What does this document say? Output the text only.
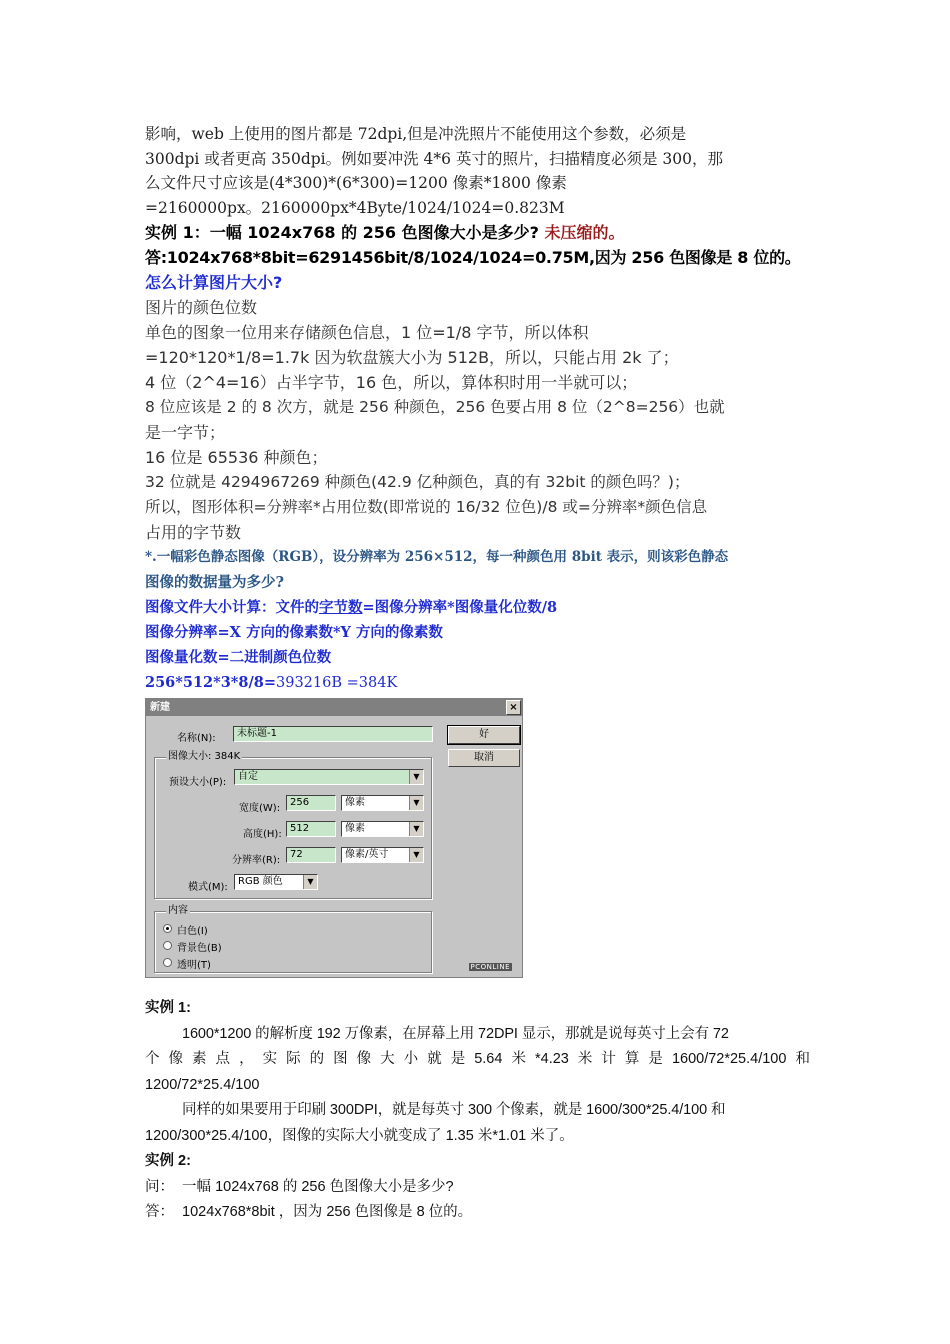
影响，web 上使用的图片都是 72dpi,但是冲洗照片不能使用这个参数，必须是

300dpi 或者更高 350dpi。例如要冲洗 4*6 英寸的照片，扫描精度必须是 300，那

么文件尺寸应该是(4*300)*(6*300)=1200 像素*1800 像素

=2160000px。2160000px*4Byte/1024/1024=0.823M

实例 1：一幅 1024x768 的 256 色图像大小是多少? 未压缩的。

答:1024x768*8bit=6291456bit/8/1024/1024=0.75M,因为 256 色图像是 8 位的。

怎么计算图片大小?

图片的颜色位数

单色的图象一位用来存储颜色信息，1 位=1/8 字节，所以体积

=120*120*1/8=1.7k 因为软盘簇大小为 512B，所以，只能占用 2k 了；

4 位（2^4=16）占半字节，16 色，所以，算体积时用一半就可以；

8 位应该是 2 的 8 次方，就是 256 种颜色，256 色要占用 8 位（2^8=256）也就

是一字节；

16 位是 65536 种颜色；

32 位就是 4294967269 种颜色(42.9 亿种颜色，真的有 32bit 的颜色吗？)；

所以，图形体积=分辨率*占用位数(即常说的 16/32 位色)/8 或=分辨率*颜色信息

占用的字节数

*.一幅彩色静态图像（RGB），设分辨率为 256×512，每一种颜色用 8bit 表示，则该彩色静态

图像的数据量为多少?

图像文件大小计算：文件的字节数=图像分辨率*图像量化位数/8

图像分辨率=X 方向的像素数*Y 方向的像素数

图像量化数=二进制颜色位数

256*512*3*8/8=393216B =384K

新建	×
名称(N):	未标题-1	好
取消
图像大小: 384K
预设大小(P):
自定	▼
宽度(W):
256	像素	▼
高度(H):
512	像素	▼
分辨率(R):
72	像素/英寸	▼
模式(M):
RGB 颜色	▼
内容
白色(I)
背景色(B)
透明(T)	PCONLINE

实例 1:

1600*1200 的解析度 192 万像素，在屏幕上用 72DPI 显示，那就是说每英寸上会有 72

个 像 素 点 ， 实 际 的 图 像 大 小 就 是 5.64 米 *4.23 米 计 算 是 1600/72*25.4/100 和

1200/72*25.4/100

同样的如果要用于印刷 300DPI，就是每英寸 300 个像素，就是 1600/300*25.4/100 和

1200/300*25.4/100，图像的实际大小就变成了 1.35 米*1.01 米了。

实例 2:

问：  一幅 1024x768 的 256 色图像大小是多少?

答：  1024x768*8bit ，因为 256 色图像是 8 位的。
